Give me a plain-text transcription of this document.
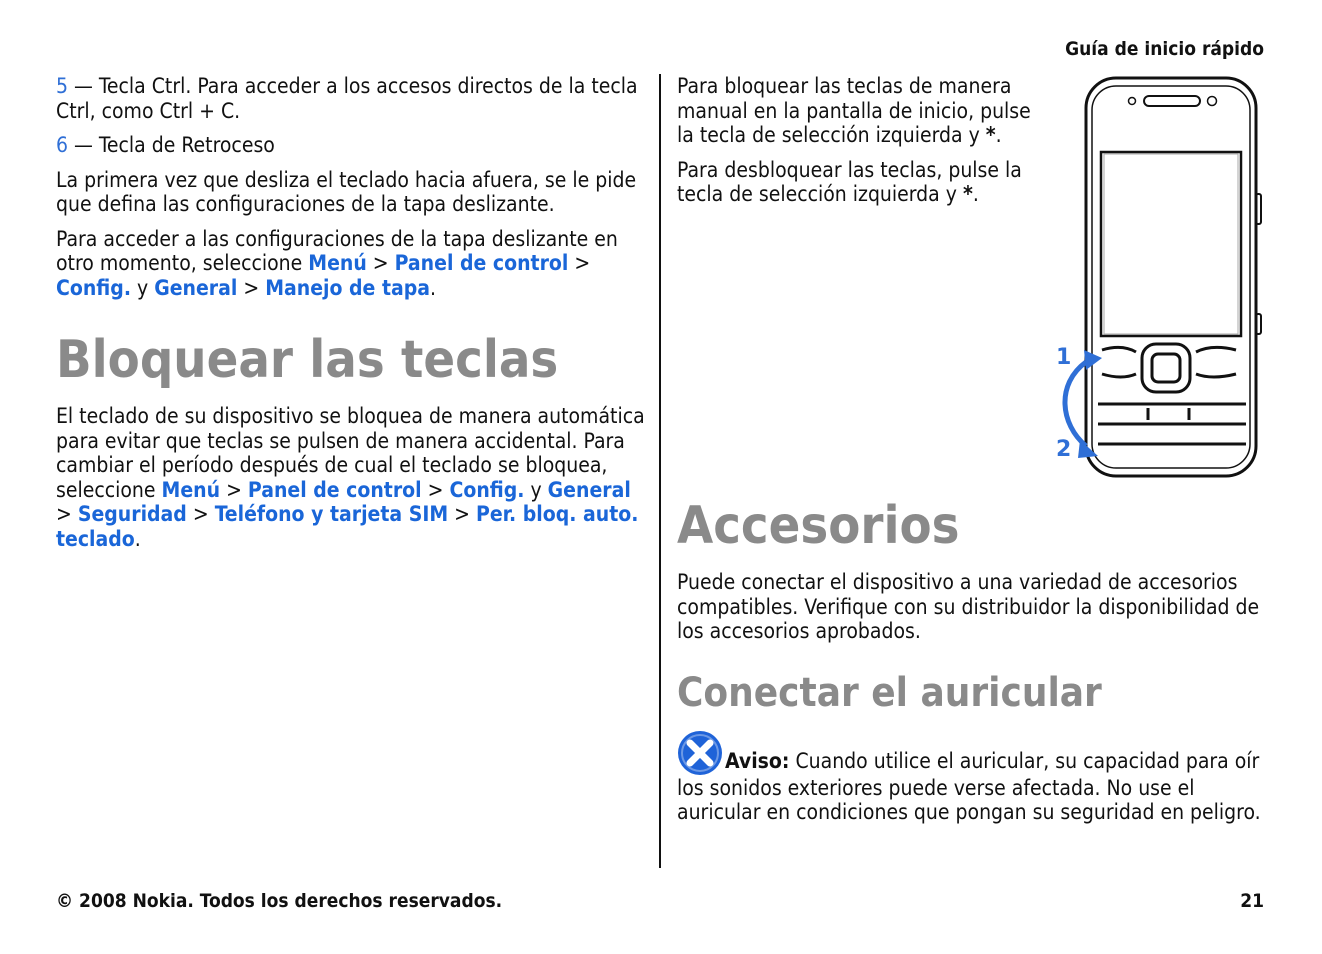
Guía de inicio rápido

5 — Tecla Ctrl. Para acceder a los accesos directos de la tecla Ctrl, como Ctrl + C.

6 — Tecla de Retroceso

La primera vez que desliza el teclado hacia afuera, se le pide que defina las configuraciones de la tapa deslizante.

Para acceder a las configuraciones de la tapa deslizante en otro momento, seleccione Menú > Panel de control > Config. y General > Manejo de tapa.

Bloquear las teclas

El teclado de su dispositivo se bloquea de manera automática para evitar que teclas se pulsen de manera accidental. Para cambiar el período después de cual el teclado se bloquea, seleccione Menú > Panel de control > Config. y General > Seguridad > Teléfono y tarjeta SIM > Per. bloq. auto. teclado.

Para bloquear las teclas de manera manual en la pantalla de inicio, pulse la tecla de selección izquierda y *.

Para desbloquear las teclas, pulse la tecla de selección izquierda y *.

1
2
Accesorios

Puede conectar el dispositivo a una variedad de accesorios compatibles. Verifique con su distribuidor la disponibilidad de los accesorios aprobados.

Conectar el auricular

Aviso: Cuando utilice el auricular, su capacidad para oír los sonidos exteriores puede verse afectada. No use el auricular en condiciones que pongan su seguridad en peligro.

© 2008 Nokia. Todos los derechos reservados.	21
